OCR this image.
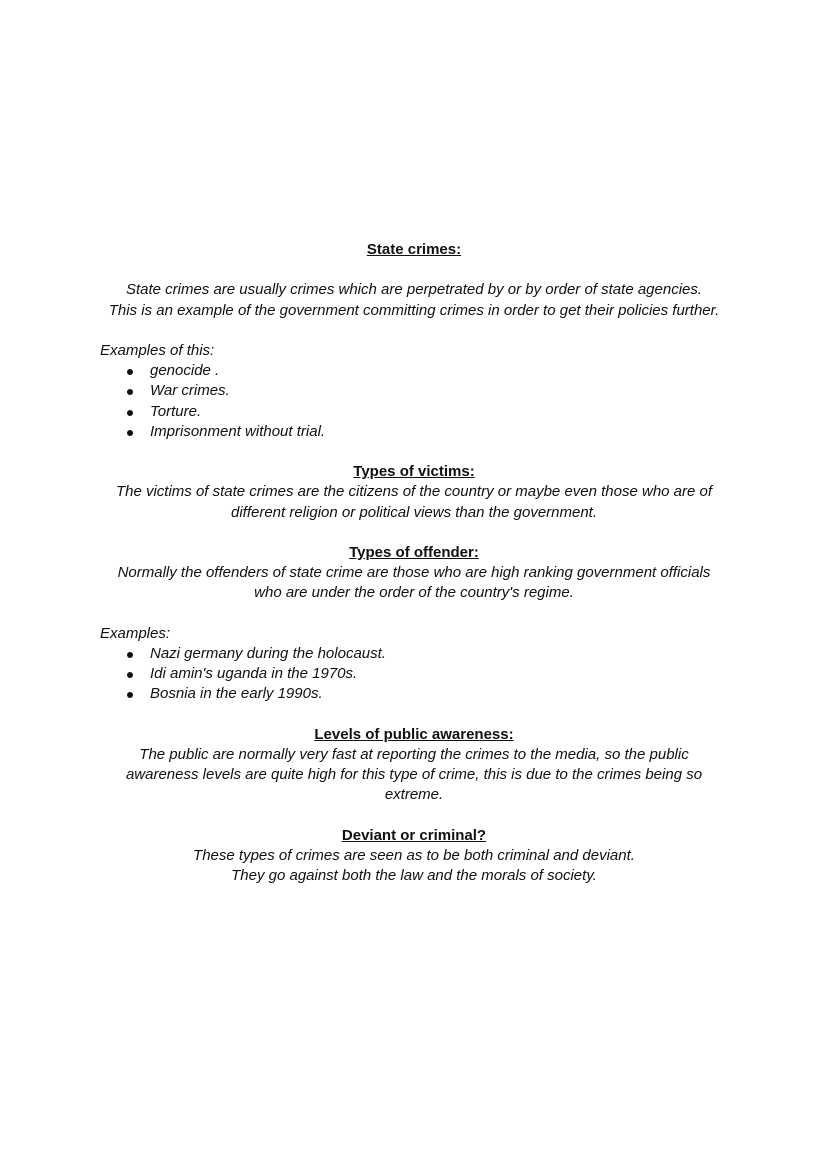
State crimes:
State crimes are usually crimes which are perpetrated by or by order of state agencies.
This is an example of the government committing crimes in order to get their policies further.
Examples of this:
genocide .
War crimes.
Torture.
Imprisonment without trial.
Types of victims:
The victims of state crimes are the citizens of the country or maybe even those who are of
different religion or political views than the government.
Types of offender:
Normally the offenders of state crime are those who are high ranking government officials
who are under the order of the country's regime.
Examples:
Nazi germany during the holocaust.
Idi amin's uganda in the 1970s.
Bosnia in the early 1990s.
Levels of public awareness:
The public are normally very fast at reporting the crimes to the media, so the public
awareness levels are quite high for this type of crime, this is due to the crimes being so
extreme.
Deviant or criminal?
These types of crimes are seen as to be both criminal and deviant.
They go against both the law and the morals of society.
